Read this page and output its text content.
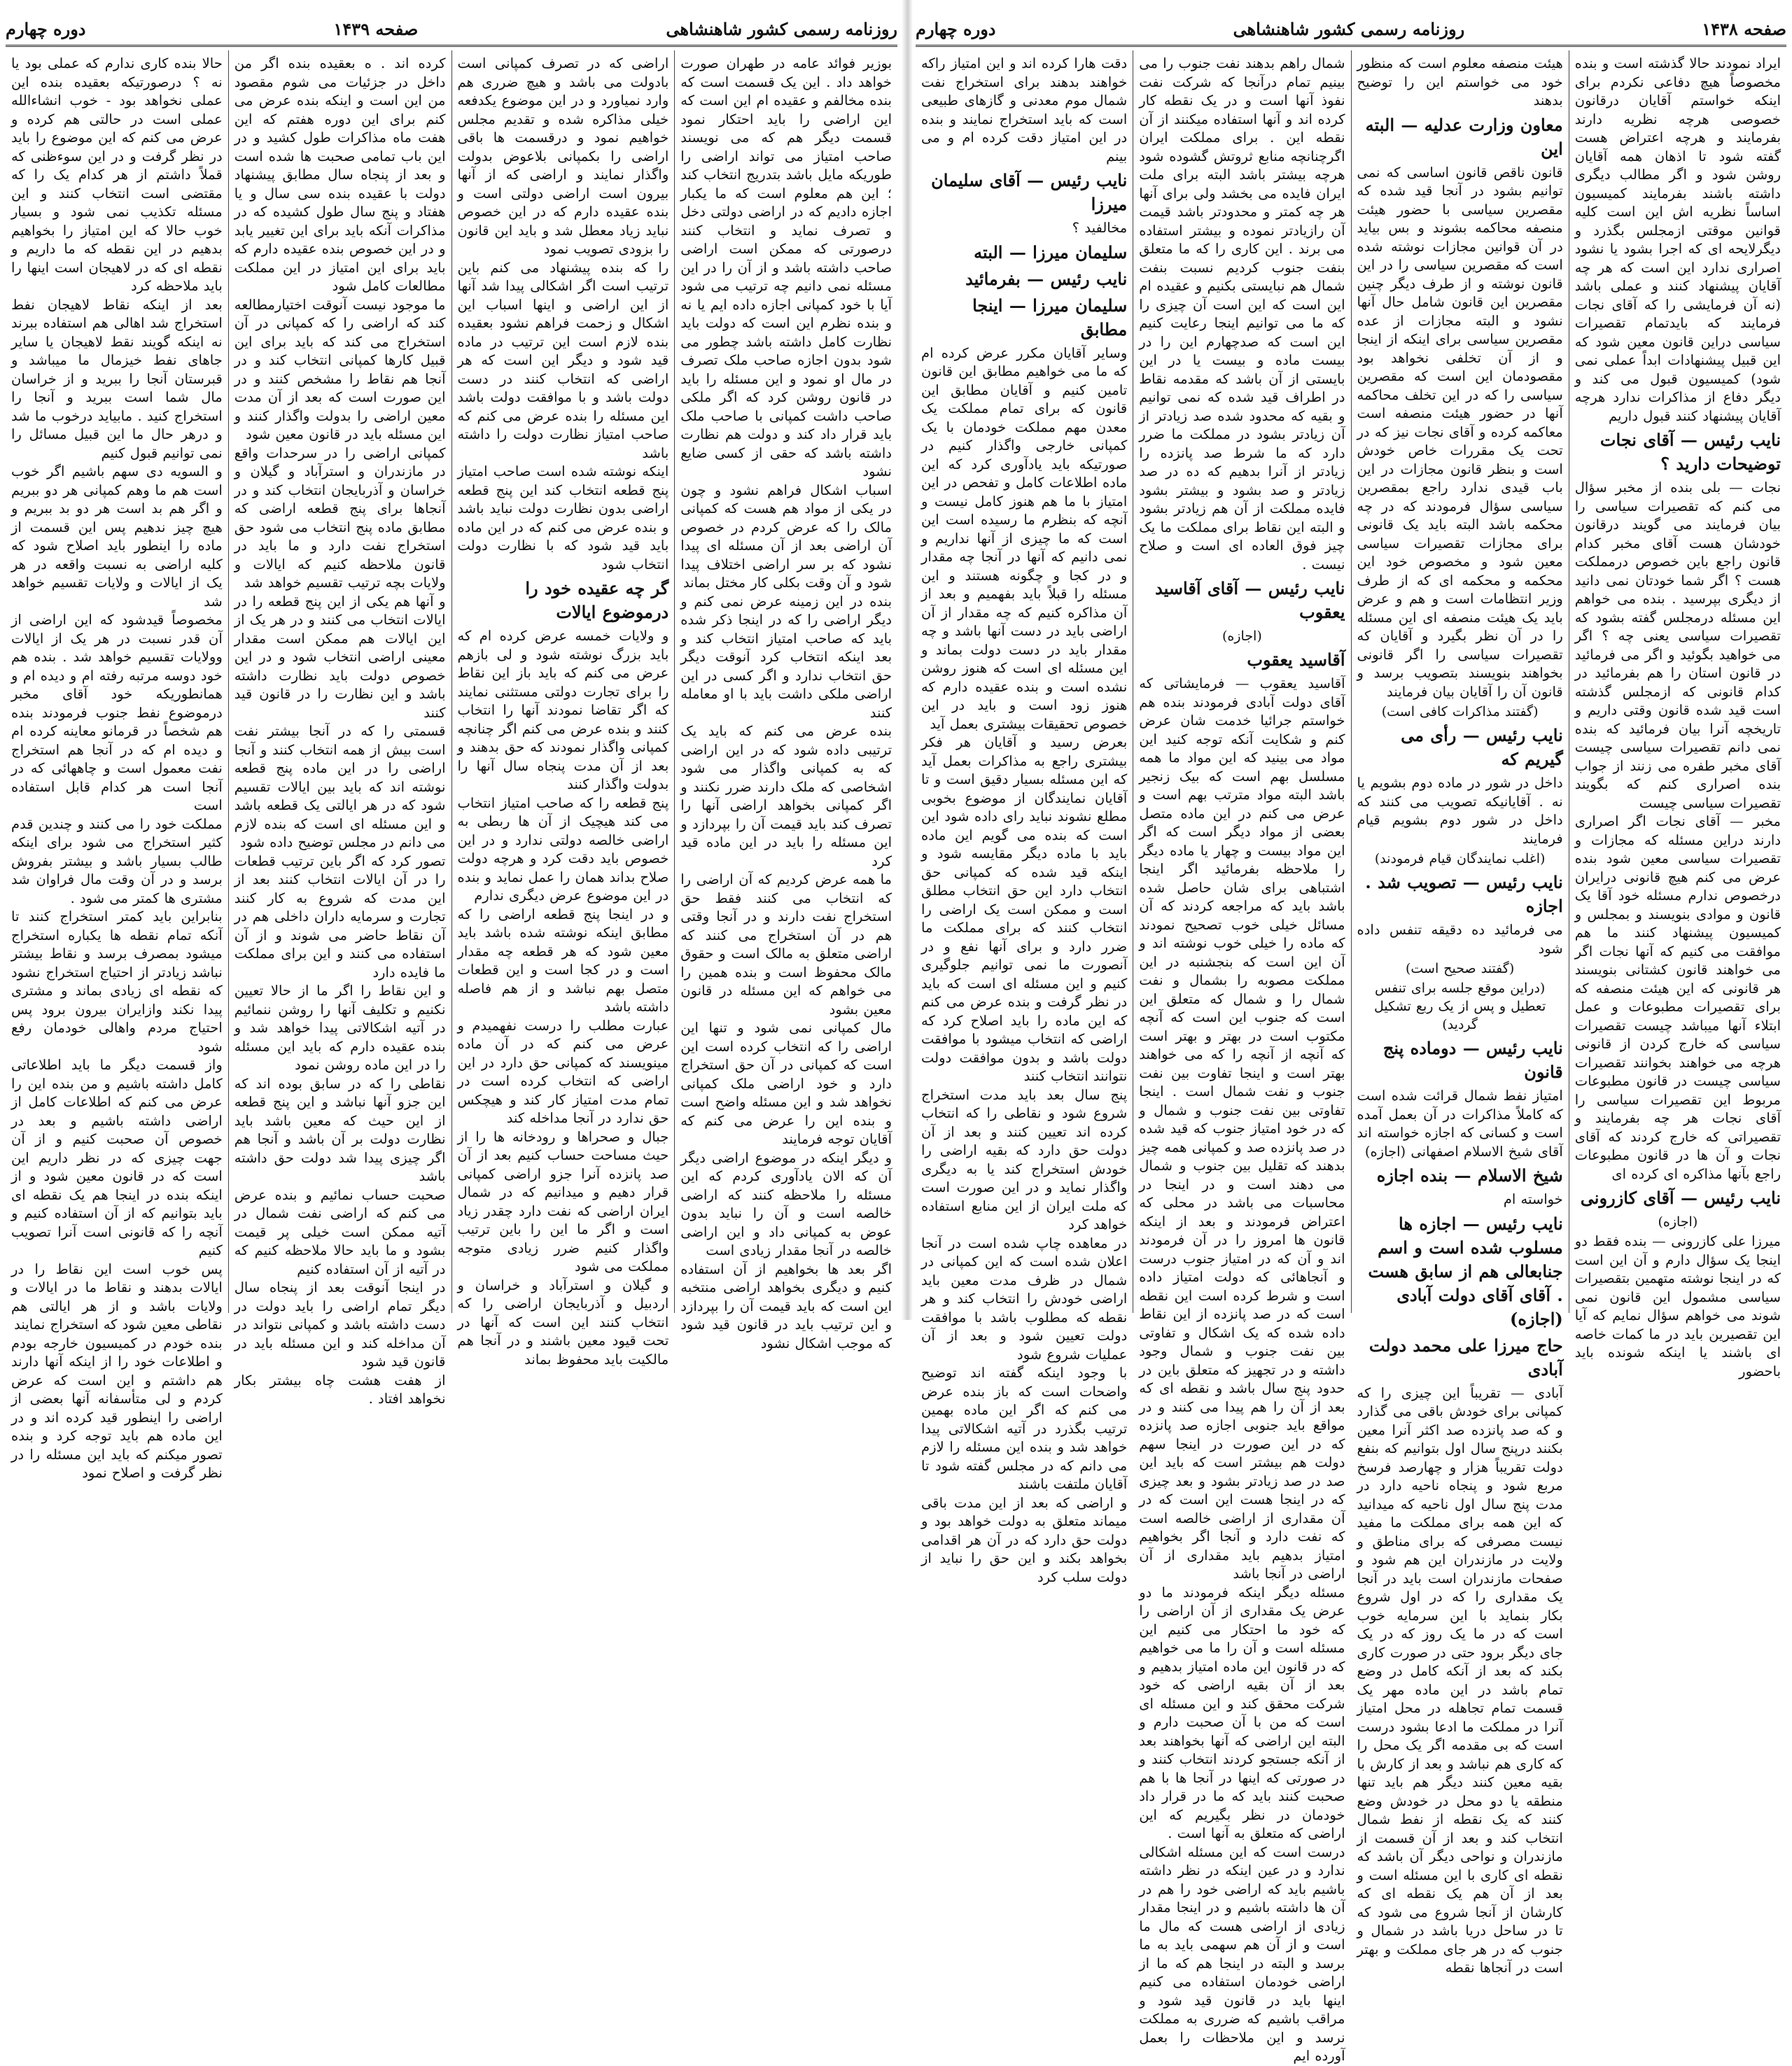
روزنامه رسمی کشور شاهنشاهی
صفحه ۱۴۳۹
دوره چهارم

بوزیر فوائد عامه در طهران صورت خواهد داد . این یک قسمت است که بنده مخالفم و عقیده ام این است که این اراضی را باید احتکار نمود قسمت دیگر هم که می نویسند صاحب امتیاز می تواند اراضی را طوریکه مایل باشد بتدریج انتخاب کند ؛ این هم معلوم است که ما یکبار اجازه دادیم که در اراضی دولتی دخل و تصرف نماید و انتخاب کنند درصورتی که ممکن است اراضی صاحب داشته باشد و از آن را در این مسئله نمی دانیم چه ترتیب می شود آیا با خود کمپانی اجازه داده ایم یا نه و بنده نظرم این است که دولت باید نظارت کامل داشته باشد چطور می شود بدون اجازه صاحب ملک تصرف در مال او نمود و این مسئله را باید در قانون روشن کرد که اگر ملکی صاحب داشت کمپانی با صاحب ملک باید قرار داد کند و دولت هم نظارت داشته باشد که حقی از کسی ضایع نشود

اسباب اشکال فراهم نشود و چون در یکی از مواد هم هست که کمپانی مالک را که عرض کردم در خصوص آن اراضی بعد از آن مسئله ای پیدا نشود که بر سر اراضی اختلاف پیدا شود و آن وقت بکلی کار مختل بماند

بنده در این زمینه عرض نمی کنم و دیگر اراضی را که در اینجا ذکر شده باید که صاحب امتیاز انتخاب کند و بعد اینکه انتخاب کرد آنوقت دیگر حق انتخاب ندارد و اگر کسی در این اراضی ملکی داشت باید با او معامله کنند

بنده عرض می کنم که باید یک ترتیبی داده شود که در این اراضی که به کمپانی واگذار می شود اشخاصی که ملک دارند ضرر نکنند و اگر کمپانی بخواهد اراضی آنها را تصرف کند باید قیمت آن را بپردازد و این مسئله را باید در این ماده قید کرد

ما همه عرض کردیم که آن اراضی را که انتخاب می کنند فقط حق استخراج نفت دارند و در آنجا وقتی هم در آن استخراج می کنند که اراضی متعلق به مالک است و حقوق مالک محفوظ است و بنده همین را می خواهم که این مسئله در قانون معین بشود

مال کمپانی نمی شود و تنها این اراضی را که انتخاب کرده است این است که کمپانی در آن حق استخراج دارد و خود اراضی ملک کمپانی نخواهد شد و این مسئله واضح است و بنده این را عرض می کنم که آقایان توجه فرمایند

و دیگر اینکه در موضوع اراضی دیگر آن که الان یادآوری کردم که این مسئله را ملاحظه کنند که اراضی خالصه است و آن را نباید بدون عوض به کمپانی داد و این اراضی خالصه در آنجا مقدار زیادی است

اگر بعد ها بخواهیم از آن استفاده کنیم و دیگری بخواهد اراضی منتخبه این است که باید قیمت آن را بپردازد و این ترتیب باید در قانون قید شود که موجب اشکال نشود

اراضی که در تصرف کمپانی است بادولت می باشد و هیچ ضرری هم وارد نمیاورد و در این موضوع یکدفعه خیلی مذاکره شده و تقدیم مجلس خواهیم نمود و درقسمت ها باقی اراضی را بکمپانی بلاعوض بدولت واگذار نمایند و اراضی که از آنها بیرون است اراضی دولتی است و بنده عقیده دارم که در این خصوص نباید زیاد معطل شد و باید این قانون را بزودی تصویب نمود

را که بنده پیشنهاد می کنم باین ترتیب است اگر اشکالی پیدا شد آنها از این اراضی و اینها اسباب این اشکال و زحمت فراهم نشود بعقیده بنده لازم است این ترتیب در ماده قید شود و دیگر این است که هر اراضی که انتخاب کنند در دست دولت باشد و با موافقت دولت باشد این مسئله را بنده عرض می کنم که صاحب امتیاز نظارت دولت را داشته باشد

اینکه نوشته شده است صاحب امتیاز پنج قطعه انتخاب کند این پنج قطعه اراضی بدون نظارت دولت نباید باشد و بنده عرض می کنم که در این ماده باید قید شود که با نظارت دولت انتخاب شود

گر چه عقیده خود را درموضوع ایالات

و ولایات خمسه عرض کرده ام که باید بزرگ نوشته شود و لی بازهم عرض می کنم که باید باز این نقاط را برای تجارت دولتی مستثنی نمایند که اگر تقاضا نمودند آنها را انتخاب کنند و بنده عرض می کنم اگر چنانچه کمپانی واگذار نمودند که حق بدهند و بعد از آن مدت پنجاه سال آنها را بدولت واگذار کنند

پنج قطعه را که صاحب امتیاز انتخاب می کند هیچیک از آن ها ربطی به اراضی خالصه دولتی ندارد و در این خصوص باید دقت کرد و هرچه دولت صلاح بداند همان را عمل نماید و بنده در این موضوع عرض دیگری ندارم

و در اینجا پنج قطعه اراضی را که مطابق اینکه نوشته شده باشد باید معین شود که هر قطعه چه مقدار است و در کجا است و این قطعات متصل بهم نباشد و از هم فاصله داشته باشد

عبارت مطلب را درست نفهمیدم و عرض می کنم که در آن ماده مینویسند که کمپانی حق دارد در این اراضی که انتخاب کرده است در تمام مدت امتیاز کار کند و هیچکس حق ندارد در آنجا مداخله کند

جبال و صحراها و رودخانه ها را از حیث مساحت حساب کنیم بعد از آن صد پانزده آنرا جزو اراضی کمپانی قرار دهیم و میدانیم که در شمال ایران اراضی که نفت دارد چقدر زیاد است و اگر ما این را باین ترتیب واگذار کنیم ضرر زیادی متوجه مملکت می شود

و گیلان و استرآباد و خراسان و اردبیل و آذربایجان اراضی را که انتخاب کنند این است که آنها در تحت قیود معین باشند و در آنجا هم مالکیت باید محفوظ بماند

کرده اند . ه بعقیده بنده اگر من داخل در جزئیات می شوم مقصود من این است و اینکه بنده عرض می کنم برای این دوره هفتم که این هفت ماه مذاکرات طول کشید و در این باب تمامی صحبت ها شده است و بعد از پنجاه سال مطابق پیشنهاد دولت با عقیده بنده سی سال و یا هفتاد و پنج سال طول کشیده که در مذاکرات آنکه باید برای این تغییر یابد و در این خصوص بنده عقیده دارم که باید برای این امتیاز در این مملکت مطالعات کامل شود

ما موجود نیست آنوقت اختیارمطالعه کند که اراضی را که کمپانی در آن استخراج می کند که باید برای این قبیل کارها کمپانی انتخاب کند و در آنجا هم نقاط را مشخص کنند و در این صورت است که بعد از آن مدت معین اراضی را بدولت واگذار کنند و این مسئله باید در قانون معین شود

کمپانی اراضی را در سرحدات واقع در مازندران و استرآباد و گیلان و خراسان و آذربایجان انتخاب کند و در آنجاها برای پنج قطعه اراضی که مطابق ماده پنج انتخاب می شود حق استخراج نفت دارد و ما باید در قانون ملاحظه کنیم که ایالات و ولایات بچه ترتیب تقسیم خواهد شد

و آنها هم یکی از این پنج قطعه را در ایالات انتخاب می کنند و در هر یک از این ایالات هم ممکن است مقدار معینی اراضی انتخاب شود و در این خصوص دولت باید نظارت داشته باشد و این نظارت را در قانون قید کنند

قسمتی را که در آنجا بیشتر نفت است بیش از همه انتخاب کنند و آنجا اراضی را در این ماده پنج قطعه نوشته اند که باید بین ایالات تقسیم شود که در هر ایالتی یک قطعه باشد و این مسئله ای است که بنده لازم می دانم در مجلس توضیح داده شود

تصور کرد که اگر باین ترتیب قطعات را در آن ایالات انتخاب کنند بعد از این مدت که شروع به کار کنند تجارت و سرمایه داران داخلی هم در آن نقاط حاضر می شوند و از آن استفاده می کنند و این برای مملکت ما فایده دارد

و این نقاط را اگر ما از حالا تعیین نکنیم و تکلیف آنها را روشن ننمائیم در آتیه اشکالاتی پیدا خواهد شد و بنده عقیده دارم که باید این مسئله را در این ماده روشن نمود

نقاطی را که در سابق بوده اند که این جزو آنها نباشد و این پنج قطعه از این حیث که معین باشد باید نظارت دولت بر آن باشد و آنجا هم اگر چیزی پیدا شد دولت حق داشته باشد

صحبت حساب نمائیم و بنده عرض می کنم که اراضی نفت شمال در آتیه ممکن است خیلی پر قیمت بشود و ما باید حالا ملاحظه کنیم که در آتیه از آن استفاده کنیم

در اینجا آنوقت بعد از پنجاه سال دیگر تمام اراضی را باید دولت در دست داشته باشد و کمپانی نتواند در آن مداخله کند و این مسئله باید در قانون قید شود

از هفت هشت چاه بیشتر بکار نخواهد افتاد .

حالا بنده کاری ندارم که عملی بود یا نه ؟ درصورتیکه بعقیده بنده این عملی نخواهد بود - خوب انشاءالله عملی است در حالتی هم کرده و عرض می کنم که این موضوع را باید در نظر گرفت و در این سوءظنی که قملاً داشتم از هر کدام یک را که مقتضی است انتخاب کنند و این مسئله تکذیب نمی شود و بسیار خوب حالا که این امتیاز را بخواهیم بدهیم در این نقطه که ما داریم و نقطه ای که در لاهیجان است اینها را باید ملاحظه کرد

بعد از اینکه نقاط لاهیجان نفط استخراج شد اهالی هم استفاده ببرند نه اینکه گویند نقط لاهیجان یا سایر جاهای نفط خیزمال ما میباشد و قبرستان آنجا را ببرید و از خراسان مال شما است ببرید و آنجا را استخراج کنید . مابیاید درخوب ما شد و درهر حال ما این قبیل مسائل را نمی توانیم قبول کنیم

و السویه دی سهم باشیم اگر خوب است هم ما وهم کمپانی هر دو ببریم و اگر هم بد است هر دو بد ببریم و هیچ چیز ندهیم پس این قسمت از ماده را اینطور باید اصلاح شود که کلیه اراضی به نسبت واقعه در هر یک از ایالات و ولایات تقسیم خواهد شد

مخصوصاً قیدشود که این اراضی از آن قدر نسبت در هر یک از ایالات وولایات تقسیم خواهد شد . بنده هم خود دوسه مرتبه رفته ام و دیده ام و همانطوریکه خود آقای مخبر درموضوع نفط جنوب فرمودند بنده هم شخصاً در قرمانو معاینه کرده ام و دیده ام که در آنجا هم استخراج نفت معمول است و چاههائی که در آنجا است هر کدام قابل استفاده است

مملکت خود را می کنند و چندین قدم کثیر استخراج می شود برای اینکه طالب بسیار باشد و بیشتر بفروش برسد و در آن وقت مال فراوان شد مشتری ها کمتر می شود .

بنابراین باید کمتر استخراج کنند تا آنکه تمام نقطه ها یکباره استخراج میشود بمصرف برسد و نقاط بیشتر نباشد زیادتر از احتیاج استخراج نشود که نقطه ای زیادی بماند و مشتری پیدا نکند وازایران بیرون برود پس احتیاج مردم واهالی خودمان رفع شود

واز قسمت دیگر ما باید اطلاعاتی کامل داشته باشیم و من بنده این را عرض می کنم که اطلاعات کامل از اراضی داشته باشیم و بعد در خصوص آن صحبت کنیم و از آن جهت چیزی که در نظر داریم این است که در قانون معین شود و از اینکه بنده در اینجا هم یک نقطه ای باید بتوانیم که از آن استفاده کنیم و آنچه را که قانونی است آنرا تصویب کنیم

پس خوب است این نقاط را در ایالات بدهند و نقاط ما در ایالات و ولایات باشد و از هر ایالتی هم نقاطی معین شود که استخراج نمایند

بنده خودم در کمیسیون خارجه بودم و اطلاعات خود را از اینکه آنها دارند هم داشتم و این است که عرض کردم و لی متأسفانه آنها بعضی از اراضی را اینطور قید کرده اند و در این ماده هم باید توجه کرد و بنده تصور میکنم که باید این مسئله را در نظر گرفت و اصلاح نمود

صفحه ۱۴۳۸
روزنامه رسمی کشور شاهنشاهی
دوره چهارم

ایراد نمودند حالا گذشته است و بنده مخصوصاً هیچ دفاعی نکردم برای اینکه خواستم آقایان درقانون خصوصی هرچه نظریه دارند بفرمایند و هرچه اعتراض هست گفته شود تا اذهان همه آقایان روشن شود و اگر مطالب دیگری داشته باشند بفرمایند کمیسیون اساساً نظریه اش این است کلیه قوانین موقتی ازمجلس بگذرد و دیگرلایحه ای که اجرا بشود یا نشود اصراری ندارد این است که هر چه آقایان پیشنهاد کنند و عملی باشد (نه آن فرمایشی را که آقای نجات فرمایند که بایدتمام تقصیرات سیاسی دراین قانون معین شود که این قبیل پیشنهادات ابداً عملی نمی شود) کمیسیون قبول می کند و دیگر دفاع از مذاکرات ندارد هرچه آقایان پیشنهاد کنند قبول داریم

نایب رئیس — آقای نجات توضیحات دارید ؟

نجات — بلی بنده از مخبر سؤال می کنم که تقصیرات سیاسی را بیان فرمایند می گویند درقانون خودشان هست آقای مخبر کدام قانون راجع باین خصوص درمملکت هست ؟ اگر شما خودتان نمی دانید از دیگری بپرسید . بنده می خواهم این مسئله درمجلس گفته بشود که تقصیرات سیاسی یعنی چه ؟ اگر می خواهید بگوئید و اگر می فرمائید در قانون استان را هم بفرمائید در کدام قانونی که ازمجلس گذشته است قید شده قانون وقتی داریم و تاریخچه آنرا بیان فرمائید که بنده نمی دانم تقصیرات سیاسی چیست آقای مخبر طفره می زنند از جواب بنده اصراری کنم که بگویند تقصیرات سیاسی چیست

مخبر — آقای نجات اگر اصراری دارند دراین مسئله که مجازات و تقصیرات سیاسی معین شود بنده عرض می کنم هیچ قانونی درایران درخصوص ندارم مسئله خود آقا یک قانون و موادی بنویسند و بمجلس و کمیسیون پیشنهاد کنند ما هم موافقت می کنیم که آنها نجات اگر می خواهند قانون کشتانی بنویسند هر قانونی که این هیئت منصفه که برای تقصیرات مطبوعات و عمل ابتلاء آنها میباشد چیست تقصیرات سیاسی که خارج کردن از قانونی هرچه می خواهند بخوانند تقصیرات سیاسی چیست در قانون مطبوعات مربوط این تقصیرات سیاسی را آقای نجات هر چه بفرمایند و تقصیراتی که خارج کردند که آقای نجات و آن ها در قانون مطبوعات راجع بآنها مذاکره ای کرده ای

نایب رئیس — آقای کازرونی

(اجازه)

میرزا علی کازرونی — بنده فقط دو اینجا یک سؤال دارم و آن این است که در اینجا نوشته متهمین بتقصیرات سیاسی مشمول این قانون نمی شوند می خواهم سؤال نمایم که آیا این تقصیرین باید در ما کمات خاصه ای باشند یا اینکه شونده باید باحضور

هیئت منصفه معلوم است که منظور خود می خواستم این را توضیح بدهند

معاون وزارت عدلیه — البته این

قانون ناقص قانون اساسی که نمی توانیم بشود در آنجا قید شده که مقصرین سیاسی با حضور هیئت منصفه محاکمه بشوند و بس بیاید در آن قوانین مجازات نوشته شده است که مقصرین سیاسی را در این قانون نوشته و از طرف دیگر چنین مقصرین این قانون شامل حال آنها نشود و البته مجازات از عده مقصرین سیاسی برای اینکه از اینجا و از آن تخلفی نخواهد بود مقصودمان این است که مقصرین سیاسی را که در این تخلف محاکمه آنها در حضور هیئت منصفه است معاکمه کرده و آقای نجات نیز که در تحت یک مقررات خاص خودش است و بنظر قانون مجازات در این باب قیدی ندارد راجع بمقصرین سیاسی سؤال فرمودند که در چه محکمه باشد البته باید یک قانونی برای مجازات تقصیرات سیاسی معین شود و مخصوص خود این محکمه و محکمه ای که از طرف وزیر انتظامات است و هم و عرض باید یک هیئت منصفه ای این مسئله را در آن نظر بگیرد و آقایان که تقصیرات سیاسی را اگر قانونی بخواهند بنویسند بتصویب برسد و قانون آن را آقایان بیان فرمایند

(گفتند مذاکرات کافی است)

نایب رئیس — رأی می گیریم که

داخل در شور در ماده دوم بشویم یا نه . آقایانیکه تصویب می کنند که داخل در شور دوم بشویم قیام فرمایند

(اغلب نمایندگان قیام فرمودند)

نایب رئیس — تصویب شد . اجازه

می فرمائید ده دقیقه تنفس داده شود

(گفتند صحیح است)

(دراین موقع جلسه برای تنفس تعطیل و پس از یک ربع تشکیل گردید)

نایب رئیس — دوماده پنج قانون

امتیاز نفط شمال قرائت شده است که کاملاً مذاکرات در آن بعمل آمده است و کسانی که اجازه خواسته اند آقای شیخ الاسلام اصفهانی (اجازه)

شیخ الاسلام — بنده اجازه

خواسته ام

نایب رئیس — اجازه ها مسلوب شده است و اسم جنابعالی هم از سابق هست . آقای آقای دولت آبادی (اجازه)

حاج میرزا علی محمد دولت آبادی

آبادی — تقریباً این چیزی را که کمپانی برای خودش باقی می گذارد و که صد پانزده صد اکثر آنرا معین بکنند درپنج سال اول بتوانیم که بنفع دولت تقریباً هزار و چهارصد فرسخ مربع شود و پنجاه ناحیه دارد در مدت پنج سال اول ناحیه که میدانید که این همه برای مملکت ما مفید نیست مصرفی که برای مناطق و ولایت در مازندران این هم شود و صفحات مازندران است باید در آنجا یک مقداری را که در اول شروع بکار بنماید با این سرمایه خوب است که در ما یک روز که در یک جای دیگر برود حتی در صورت کاری بکند که بعد از آنکه کامل در وضع تمام باشد در این ماده مهر یک قسمت تمام تجاهله در محل امتیاز آنرا در مملکت ما ادعا بشود درست است که بی مقدمه اگر یک محل را که کاری هم نباشد و بعد از کارش با بقیه معین کنند دیگر هم باید تنها منطقه یا دو محل در خودش وضع کنند که یک نقطه از نفط شمال انتخاب کند و بعد از آن قسمت از مازندران و نواحی دیگر آن باشد که نقطه ای کاری با این مسئله است و بعد از آن هم یک نقطه ای که کارشان از آنجا شروع می شود که تا در ساحل دریا باشد در شمال و جنوب که در هر جای مملکت و بهتر است در آنجاها نقطه

شمال راهم بدهند نفت جنوب را می بینیم تمام درآنجا که شرکت نفت نفوذ آنها است و در یک نقطه کار کرده اند و آنها استفاده میکنند از آن نقطه این . برای مملکت ایران اگرچنانچه منابع ثروتش گشوده شود هرچه بیشتر باشد البته برای ملت ایران فایده می بخشد ولی برای آنها هر چه کمتر و محدودتر باشد قیمت آن رازیادتر نموده و بیشتر استفاده می برند . این کاری را که ما متعلق بنفت جنوب کردیم نسبت بنفت شمال هم نبایستی بکنیم و عقیده ام این است که این است آن چیزی را که ما می توانیم اینجا رعایت کنیم این است که صدچهارم این را در بیست ماده و بیست یا در این بایستی از آن باشد که مقدمه نقاط در اطراف قید شده که نمی توانیم و بقیه که محدود شده صد زیادتر از آن زیادتر بشود در مملکت ما ضرر دارد که ما شرط صد پانزده را زیادتر از آنرا بدهیم که ده در صد زیادتر و صد بشود و بیشتر بشود فایده مملکت از آن هم زیادتر بشود و البته این نقاط برای مملکت ما یک چیز فوق العاده ای است و صلاح نیست .

نایب رئیس — آقای آقاسید یعقوب

(اجازه)

آقاسید یعقوب

آقاسید یعقوب — فرمایشاتی که آقای دولت آبادی فرمودند بنده هم خواستم جرائیا خدمت شان عرض کنم و شکایت آنکه توجه کنید این مواد می بینید که این مواد ما همه مسلسل بهم است که بیک زنجیر باشد البته مواد مترتب بهم است و عرض می کنم در این ماده متصل بعضی از مواد دیگر است که اگر این مواد بیست و چهار یا ماده دیگر را ملاحظه بفرمائید اگر اینجا اشتباهی برای شان حاصل شده باشد باید که مراجعه کردند که آن مسائل خیلی خوب تصحیح نمودند که ماده را خیلی خوب نوشته اند و آن این است که بنجشنبه در این مملکت مصوبه را بشمال و نفت شمال را و شمال که متعلق این است که جنوب این است که آنچه مکتوب است در بهتر و بهتر است که آنچه از آنچه را که می خواهند بهتر است و اینجا تفاوت بین نفت جنوب و نفت شمال است . اینجا تفاوتی بین نفت جنوب و شمال و که در خود امتیاز جنوب که قید شده در صد پانزده صد و کمپانی همه چیز بدهند که تقلیل بین جنوب و شمال می دهند است و در اینجا در محاسبات می باشد در محلی که اعتراض فرمودند و بعد از اینکه قانون ها امروز را در آن فرمودند اند و آن که در امتیاز جنوب درست و آنجاهائی که دولت امتیاز داده است و شرط کرده است این نقطه است که در صد پانزده از این نقاط داده شده که یک اشکال و تفاوتی بین نفت جنوب و شمال وجود داشته و در تجهیز که متعلق باین در حدود پنج سال باشد و نقطه ای که بعد از آن را هم پیدا می کنند و در مواقع باید جنوبی اجازه صد پانزده که در این صورت در اینجا سهم دولت هم بیشتر است که باید این صد در صد زیادتر بشود و بعد چیزی که در اینجا هست این است که در آن مقداری از اراضی خالصه است که نفت دارد و آنجا اگر بخواهیم امتیاز بدهیم باید مقداری از آن اراضی در آنجا باشد

مسئله دیگر اینکه فرمودند ما دو عرض یک مقداری از آن اراضی را که خود ما احتکار می کنیم این مسئله است و آن را ما می خواهیم که در قانون این ماده امتیاز بدهیم و بعد از آن بقیه اراضی که خود شرکت محقق کند و این مسئله ای است که من با آن صحبت دارم و البته این اراضی که آنها بخواهند بعد از آنکه جستجو کردند انتخاب کنند و در صورتی که اینها در آنجا ها با هم صحبت کنند باید که ما در قرار داد خودمان در نظر بگیریم که این اراضی که متعلق به آنها است .

درست است که این مسئله اشکالی ندارد و در عین اینکه در نظر داشته باشیم باید که اراضی خود را هم در آن ها داشته باشیم و در اینجا مقدار زیادی از اراضی هست که مال ما است و از آن هم سهمی باید به ما برسد و البته در اینجا هم که ما از اراضی خودمان استفاده می کنیم اینها باید در قانون قید شود و مراقب باشیم که ضرری به مملکت نرسد و این ملاحظات را بعمل آورده ایم

دقت هارا کرده اند و این امتیاز راکه خواهند بدهند برای استخراج نفت شمال موم معدنی و گازهای طبیعی است که باید استخراج نمایند و بنده در این امتیاز دقت کرده ام و می بینم

نایب رئیس — آقای سلیمان میرزا

مخالفید ؟

سلیمان میرزا — البته

نایب رئیس — بفرمائید

سلیمان میرزا — اینجا مطابق

وسایر آقایان مکرر عرض کرده ام که ما می خواهیم مطابق این قانون تامین کنیم و آقایان مطابق این قانون که برای تمام مملکت یک معدن مهم مملکت خودمان با یک کمپانی خارجی واگذار کنیم در صورتیکه باید یادآوری کرد که این ماده اطلاعات کامل و تفحص در این امتیاز با ما هم هنوز کامل نیست و آنچه که بنظرم ما رسیده است این است که ما چیزی از آنها نداریم و نمی دانیم که آنها در آنجا چه مقدار و در کجا و چگونه هستند و این مسئله را قبلاً باید بفهمیم و بعد از آن مذاکره کنیم که چه مقدار از آن اراضی باید در دست آنها باشد و چه مقدار باید در دست دولت بماند و این مسئله ای است که هنوز روشن نشده است و بنده عقیده دارم که هنوز زود است و باید در این خصوص تحقیقات بیشتری بعمل آید

بعرض رسید و آقایان هر فکر بیشتری راجع به مذاکرات بعمل آید که این مسئله بسیار دقیق است و تا آقایان نمایندگان از موضوع بخوبی مطلع نشوند نباید رای داده شود این است که بنده می گویم این ماده باید با ماده دیگر مقایسه شود و اینکه قید شده که کمپانی حق انتخاب دارد این حق انتخاب مطلق است و ممکن است یک اراضی را انتخاب کنند که برای مملکت ما ضرر دارد و برای آنها نفع و در آنصورت ما نمی توانیم جلوگیری کنیم و این مسئله ای است که باید در نظر گرفت و بنده عرض می کنم که این ماده را باید اصلاح کرد که اراضی که انتخاب میشود با موافقت دولت باشد و بدون موافقت دولت نتوانند انتخاب کنند

پنج سال بعد باید مدت استخراج شروع شود و نقاطی را که انتخاب کرده اند تعیین کنند و بعد از آن دولت حق دارد که بقیه اراضی را خودش استخراج کند یا به دیگری واگذار نماید و در این صورت است که ملت ایران از این منابع استفاده خواهد کرد

در معاهده چاپ شده است در آنجا اعلان شده است که این کمپانی در شمال در ظرف مدت معین باید اراضی خودش را انتخاب کند و هر نقطه که مطلوب باشد با موافقت دولت تعیین شود و بعد از آن عملیات شروع شود

با وجود اینکه گفته اند توضیح واضحات است که باز بنده عرض می کنم که اگر این ماده بهمین ترتیب بگذرد در آتیه اشکالاتی پیدا خواهد شد و بنده این مسئله را لازم می دانم که در مجلس گفته شود تا آقایان ملتفت باشند

و اراضی که بعد از این مدت باقی میماند متعلق به دولت خواهد بود و دولت حق دارد که در آن هر اقدامی بخواهد بکند و این حق را نباید از دولت سلب کرد
